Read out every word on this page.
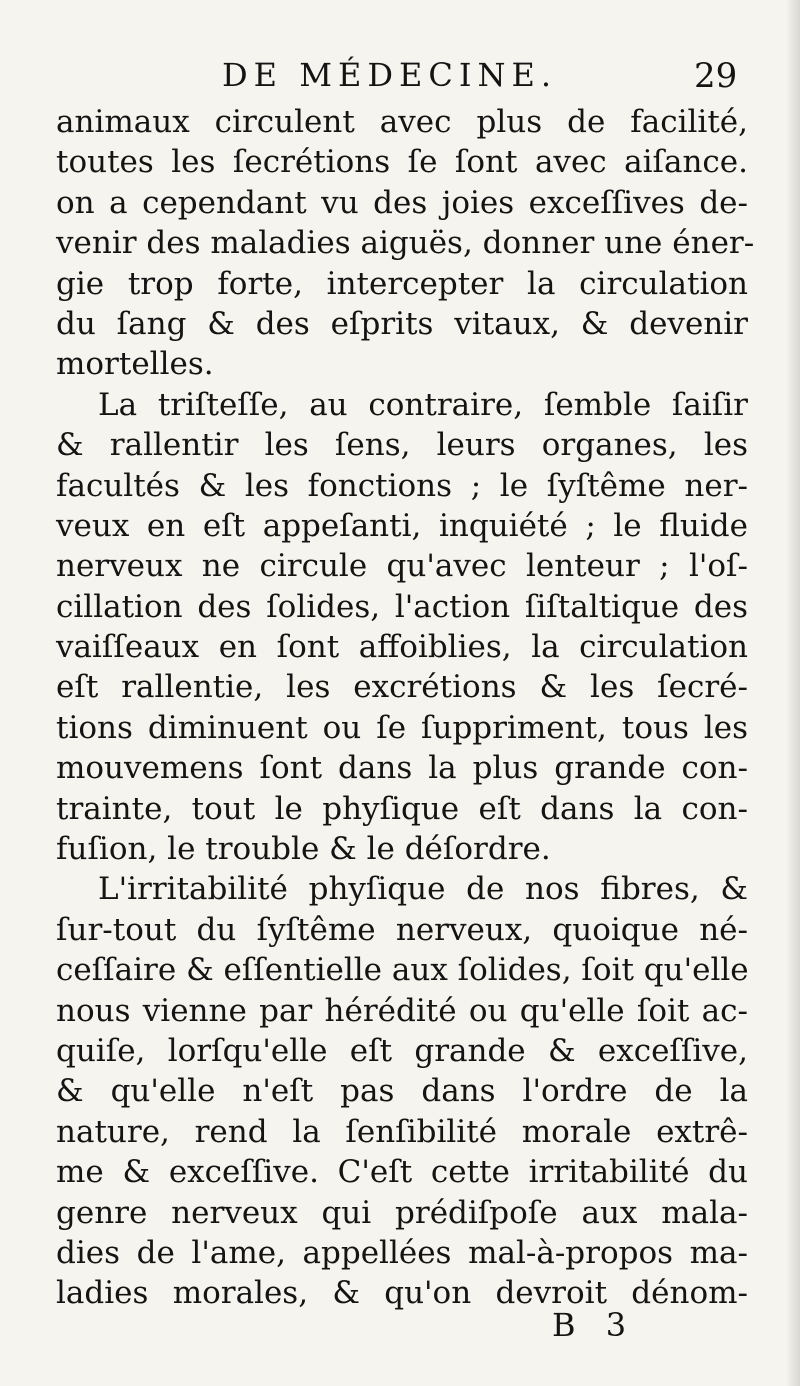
DE MÉDECINE.	29
animaux circulent avec plus de facilité,
toutes les ſecrétions ſe ſont avec aiſance.
on a cependant vu des joies exceſſives de-
venir des maladies aiguës, donner une éner-
gie trop forte, intercepter la circulation
du ſang & des eſprits vitaux, & devenir
mortelles.
La triſteſſe, au contraire, ſemble ſaiſir
& rallentir les ſens, leurs organes, les
facultés & les fonctions ; le ſyſtême ner-
veux en eſt appeſanti, inquiété ; le fluide
nerveux ne circule qu'avec lenteur ; l'oſ-
cillation des ſolides, l'action ſiſtaltique des
vaiſſeaux en ſont affoiblies, la circulation
eſt rallentie, les excrétions & les ſecré-
tions diminuent ou ſe ſuppriment, tous les
mouvemens ſont dans la plus grande con-
trainte, tout le phyſique eſt dans la con-
fuſion, le trouble & le déſordre.
L'irritabilité phyſique de nos fibres, &
ſur-tout du ſyſtême nerveux, quoique né-
ceſſaire & eſſentielle aux ſolides, ſoit qu'elle
nous vienne par hérédité ou qu'elle ſoit ac-
quiſe, lorſqu'elle eſt grande & exceſſive,
& qu'elle n'eſt pas dans l'ordre de la
nature, rend la ſenſibilité morale extrê-
me & exceſſive. C'eſt cette irritabilité du
genre nerveux qui prédiſpoſe aux mala-
dies de l'ame, appellées mal-à-propos ma-
ladies morales, & qu'on devroit dénom-
B 3
